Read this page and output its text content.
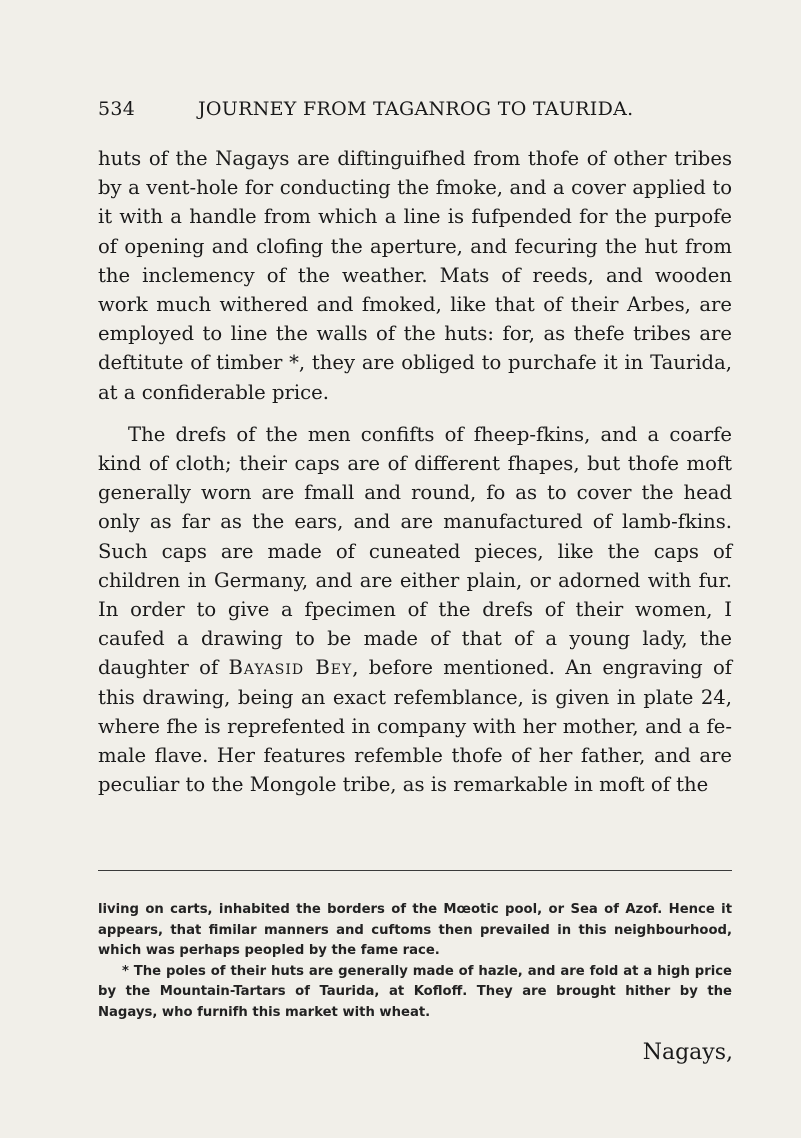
534	JOURNEY FROM TAGANROG TO TAURIDA.

huts of the Nagays are diftinguifhed from thofe of other tribes by a vent-hole for conducting the fmoke, and a cover applied to it with a handle from which a line is fufpended for the purpofe of opening and clofing the aperture, and fecuring the hut from the inclemency of the weather. Mats of reeds, and wooden work much withered and fmoked, like that of their Arbes, are employed to line the walls of the huts: for, as thefe tribes are deftitute of timber *, they are obliged to purchafe it in Taurida, at a confiderable price.

The drefs of the men confifts of fheep-fkins, and a coarfe kind of cloth; their caps are of different fhapes, but thofe moft generally worn are fmall and round, fo as to cover the head only as far as the ears, and are manufactured of lamb-fkins. Such caps are made of cuneated pieces, like the caps of children in Germany, and are either plain, or adorned with fur. In order to give a fpecimen of the drefs of their women, I caufed a drawing to be made of that of a young lady, the daughter of Bayasid Bey, before mentioned. An engraving of this drawing, being an exact refemblance, is given in plate 24, where fhe is reprefented in company with her mother, and a female flave. Her features refemble thofe of her father, and are peculiar to the Mongole tribe, as is remarkable in moft of the

living on carts, inhabited the borders of the Mœotic pool, or Sea of Azof. Hence it appears, that fimilar manners and cuftoms then prevailed in this neighbourhood, which was perhaps peopled by the fame race.

* The poles of their huts are generally made of hazle, and are fold at a high price by the Mountain-Tartars of Taurida, at Kofloff. They are brought hither by the Nagays, who furnifh this market with wheat.

Nagays,
